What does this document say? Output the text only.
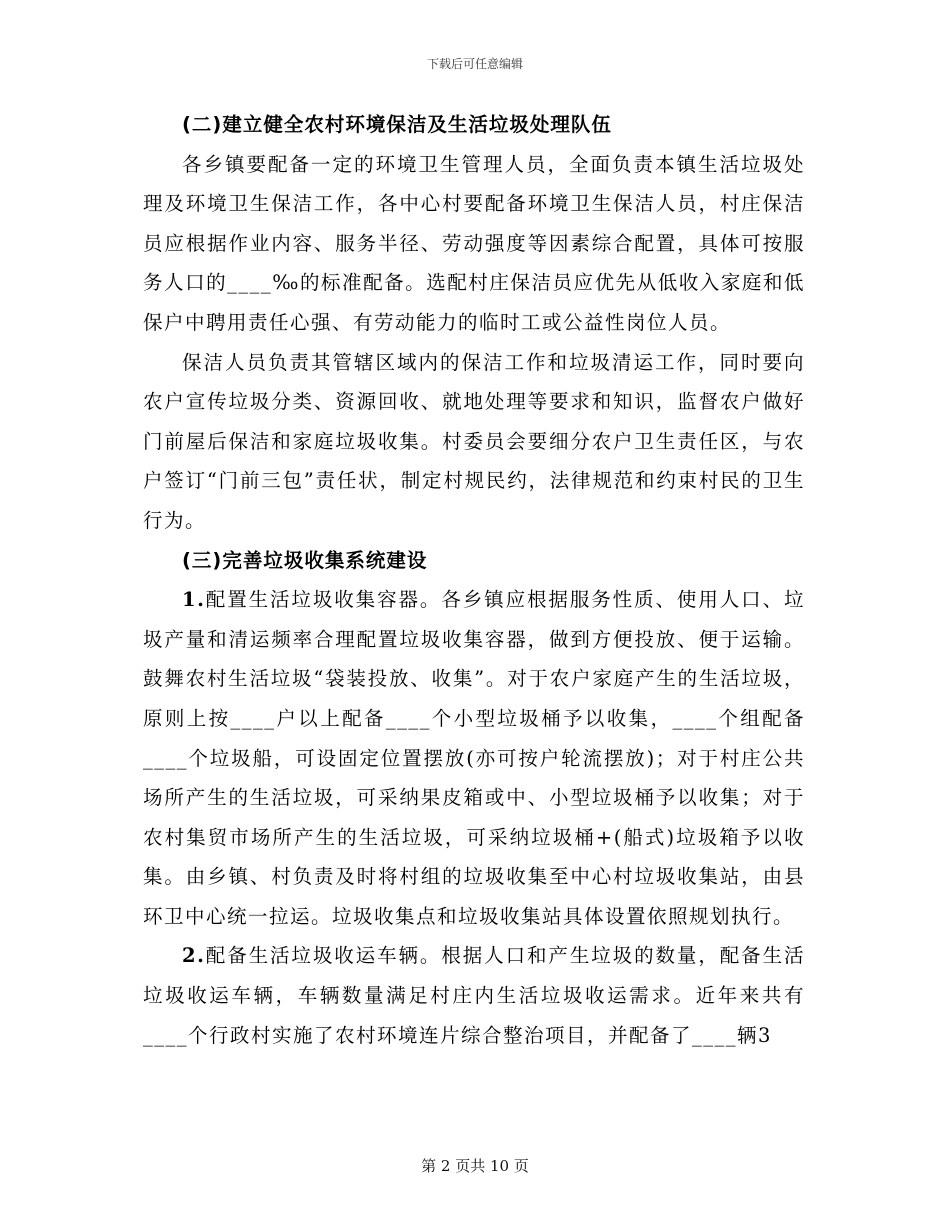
下载后可任意编辑

(二)建立健全农村环境保洁及生活垃圾处理队伍

各乡镇要配备一定的环境卫生管理人员，全面负责本镇生活垃圾处理及环境卫生保洁工作，各中心村要配备环境卫生保洁人员，村庄保洁员应根据作业内容、服务半径、劳动强度等因素综合配置，具体可按服务人口的____‰的标准配备。选配村庄保洁员应优先从低收入家庭和低保户中聘用责任心强、有劳动能力的临时工或公益性岗位人员。

保洁人员负责其管辖区域内的保洁工作和垃圾清运工作，同时要向农户宣传垃圾分类、资源回收、就地处理等要求和知识，监督农户做好门前屋后保洁和家庭垃圾收集。村委员会要细分农户卫生责任区，与农户签订“门前三包”责任状，制定村规民约，法律规范和约束村民的卫生行为。

(三)完善垃圾收集系统建设

1.配置生活垃圾收集容器。各乡镇应根据服务性质、使用人口、垃圾产量和清运频率合理配置垃圾收集容器，做到方便投放、便于运输。鼓舞农村生活垃圾“袋装投放、收集”。对于农户家庭产生的生活垃圾，原则上按____户以上配备____个小型垃圾桶予以收集，____个组配备____个垃圾船，可设固定位置摆放(亦可按户轮流摆放)；对于村庄公共场所产生的生活垃圾，可采纳果皮箱或中、小型垃圾桶予以收集；对于农村集贸市场所产生的生活垃圾，可采纳垃圾桶+(船式)垃圾箱予以收集。由乡镇、村负责及时将村组的垃圾收集至中心村垃圾收集站，由县环卫中心统一拉运。垃圾收集点和垃圾收集站具体设置依照规划执行。

2.配备生活垃圾收运车辆。根据人口和产生垃圾的数量，配备生活垃圾收运车辆，车辆数量满足村庄内生活垃圾收运需求。近年来共有____个行政村实施了农村环境连片综合整治项目，并配备了____辆3

第 2 页共 10 页
